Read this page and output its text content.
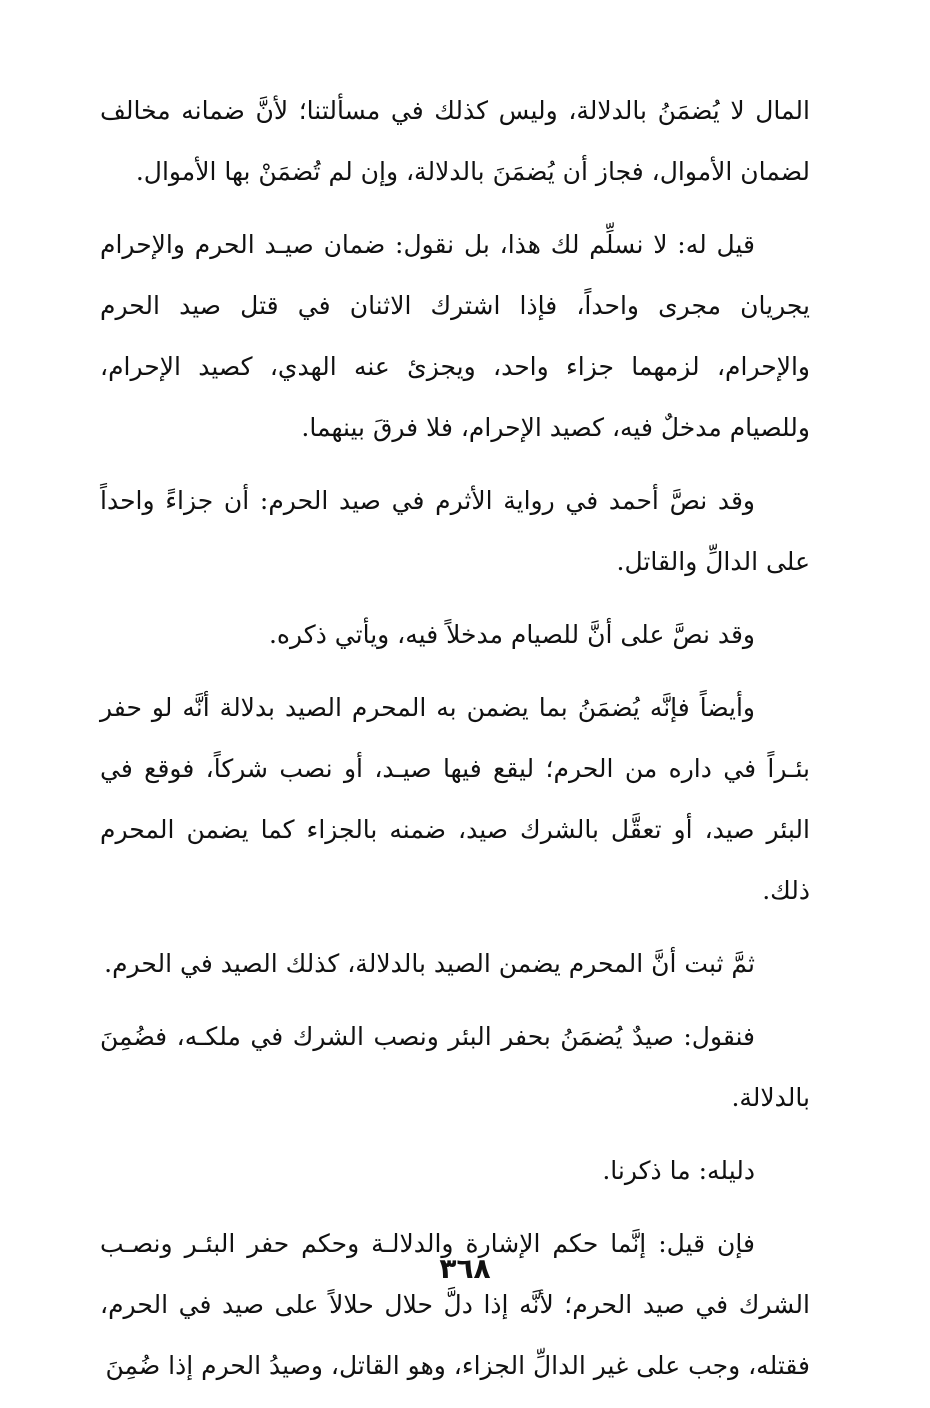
المال لا يُضمَنُ بالدلالة، وليس كذلك في مسألتنا؛ لأنَّ ضمانه مخالف لضمان الأموال، فجاز أن يُضمَنَ بالدلالة، وإن لم تُضمَنْ بها الأموال.

قيل له: لا نسلِّم لك هذا، بل نقول: ضمان صيـد الحرم والإحرام يجريان مجرى واحداً، فإذا اشترك الاثنان في قتل صيد الحرم والإحرام، لزمهما جزاء واحد، ويجزئ عنه الهدي، كصيد الإحرام، وللصيام مدخلٌ فيه، كصيد الإحرام، فلا فرقَ بينهما.

وقد نصَّ أحمد في رواية الأثرم في صيد الحرم: أن جزاءً واحداً على الدالِّ والقاتل.

وقد نصَّ على أنَّ للصيام مدخلاً فيه، ويأتي ذكره.

وأيضاً فإنَّه يُضمَنُ بما يضمن به المحرم الصيد بدلالة أنَّه لو حفر بئـراً في داره من الحرم؛ ليقع فيها صيـد، أو نصب شركاً، فوقع في البئر صيد، أو تعقَّل بالشرك صيد، ضمنه بالجزاء كما يضمن المحرم ذلك.

ثمَّ ثبت أنَّ المحرم يضمن الصيد بالدلالة، كذلك الصيد في الحرم.

فنقول: صيدٌ يُضمَنُ بحفر البئر ونصب الشرك في ملكـه، فضُمِنَ بالدلالة.

دليله: ما ذكرنا.

فإن قيل: إنَّما حكم الإشارة والدلالـة وحكم حفر البئـر ونصـب الشرك في صيد الحرم؛ لأنَّه إذا دلَّ حلال حلالاً على صيد في الحرم، فقتله، وجب على غير الدالِّ الجزاء، وهو القاتل، وصيدُ الحرم إذا ضُمِنَ

٣٦٨
